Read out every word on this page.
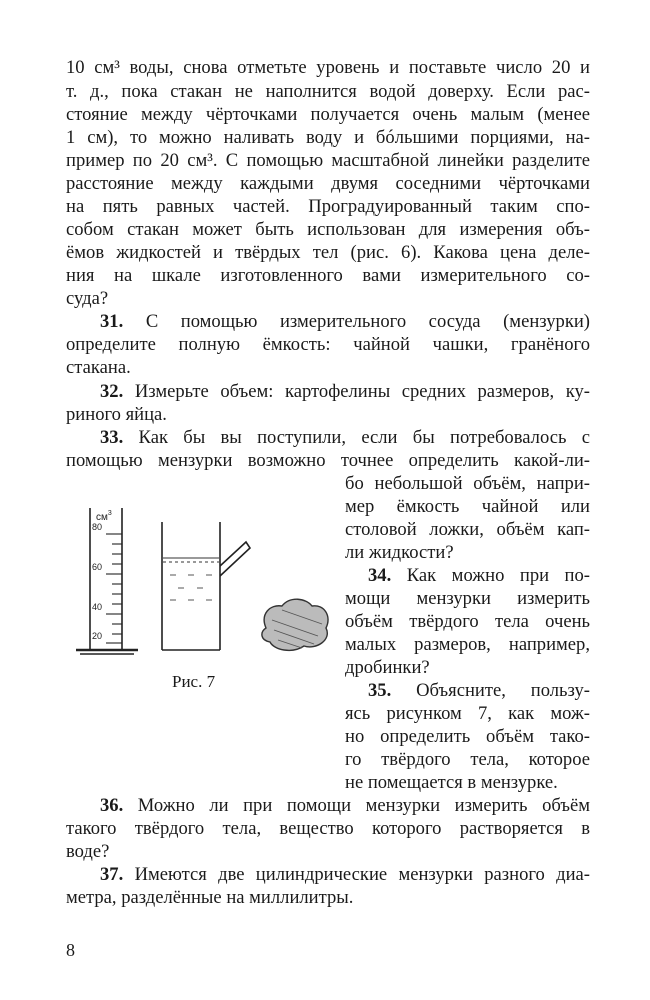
10 см³ воды, снова отметьте уровень и поставьте число 20 и
т. д., пока стакан не наполнится водой доверху. Если рас-
стояние между чёрточками получается очень малым (менее
1 см), то можно наливать воду и бóльшими порциями, на-
пример по 20 см³. С помощью масштабной линейки разделите
расстояние между каждыми двумя соседними чёрточками
на пять равных частей. Проградуированный таким спо-
собом стакан может быть использован для измерения объ-
ёмов жидкостей и твёрдых тел (рис. 6). Какова цена деле-
ния на шкале изготовленного вами измерительного со-
суда?
31. С помощью измерительного сосуда (мензурки)
определите полную ёмкость: чайной чашки, гранёного
стакана.
32. Измерьте объем: картофелины средних размеров, ку-
риного яйца.
33. Как бы вы поступили, если бы потребовалось с
помощью мензурки возможно точнее определить какой-ли-
бо небольшой объём, напри-
мер ёмкость чайной или
столовой ложки, объём кап-
ли жидкости?
34. Как можно при по-
мощи мензурки измерить
объём твёрдого тела очень
малых размеров, например,
дробинки?
35. Объясните, пользу-
ясь рисунком 7, как мож-
но определить объём тако-
го твёрдого тела, которое
не помещается в мензурке.
$см^3$
80
60
40
20
Рис. 7
36. Можно ли при помощи мензурки измерить объём
такого твёрдого тела, вещество которого растворяется в
воде?
37. Имеются две цилиндрические мензурки разного диа-
метра, разделённые на миллилитры.
8
